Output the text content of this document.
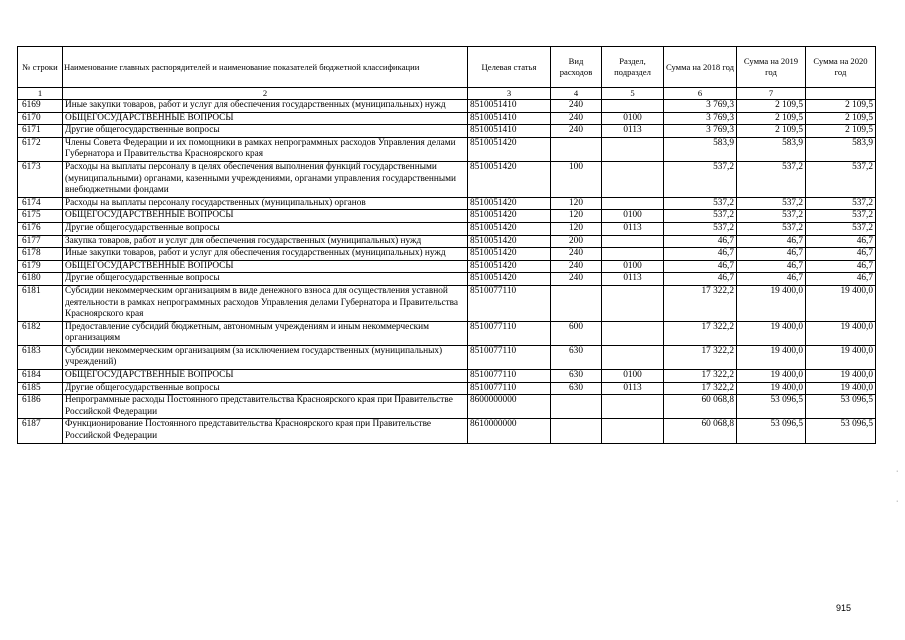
№ строки	Наименование главных распорядителей и наименование показателей бюджетной классификации	Целевая статья	Вид расходов	Раздел, подраздел	Сумма на 2018 год	Сумма на 2019 год	Сумма на 2020 год
1	2	3	4	5	6	7	
6169	Иные закупки товаров, работ и услуг для обеспечения государственных (муниципальных) нужд	8510051410	240		3 769,3	2 109,5	2 109,5
6170	ОБЩЕГОСУДАРСТВЕННЫЕ ВОПРОСЫ	8510051410	240	0100	3 769,3	2 109,5	2 109,5
6171	Другие общегосударственные вопросы	8510051410	240	0113	3 769,3	2 109,5	2 109,5
6172	Члены Совета Федерации и их помощники в рамках непрограммных расходов Управления делами Губернатора и Правительства Красноярского края	8510051420			583,9	583,9	583,9
6173	Расходы на выплаты персоналу в целях обеспечения выполнения функций государственными (муниципальными) органами, казенными учреждениями, органами управления государственными внебюджетными фондами	8510051420	100		537,2	537,2	537,2
6174	Расходы на выплаты персоналу государственных (муниципальных) органов	8510051420	120		537,2	537,2	537,2
6175	ОБЩЕГОСУДАРСТВЕННЫЕ ВОПРОСЫ	8510051420	120	0100	537,2	537,2	537,2
6176	Другие общегосударственные вопросы	8510051420	120	0113	537,2	537,2	537,2
6177	Закупка товаров, работ и услуг для обеспечения государственных (муниципальных) нужд	8510051420	200		46,7	46,7	46,7
6178	Иные закупки товаров, работ и услуг для обеспечения государственных (муниципальных) нужд	8510051420	240		46,7	46,7	46,7
6179	ОБЩЕГОСУДАРСТВЕННЫЕ ВОПРОСЫ	8510051420	240	0100	46,7	46,7	46,7
6180	Другие общегосударственные вопросы	8510051420	240	0113	46,7	46,7	46,7
6181	Субсидии некоммерческим организациям в виде денежного взноса для осуществления уставной деятельности в рамках непрограммных расходов Управления делами Губернатора и Правительства Красноярского края	8510077110			17 322,2	19 400,0	19 400,0
6182	Предоставление субсидий бюджетным, автономным учреждениям и иным некоммерческим организациям	8510077110	600		17 322,2	19 400,0	19 400,0
6183	Субсидии некоммерческим организациям (за исключением государственных (муниципальных) учреждений)	8510077110	630		17 322,2	19 400,0	19 400,0
6184	ОБЩЕГОСУДАРСТВЕННЫЕ ВОПРОСЫ	8510077110	630	0100	17 322,2	19 400,0	19 400,0
6185	Другие общегосударственные вопросы	8510077110	630	0113	17 322,2	19 400,0	19 400,0
6186	Непрограммные расходы Постоянного представительства Красноярского края при Правительстве Российской Федерации	8600000000			60 068,8	53 096,5	53 096,5
6187	Функционирование Постоянного представительства Красноярского края при Правительстве Российской Федерации	8610000000			60 068,8	53 096,5	53 096,5
·
·
915
